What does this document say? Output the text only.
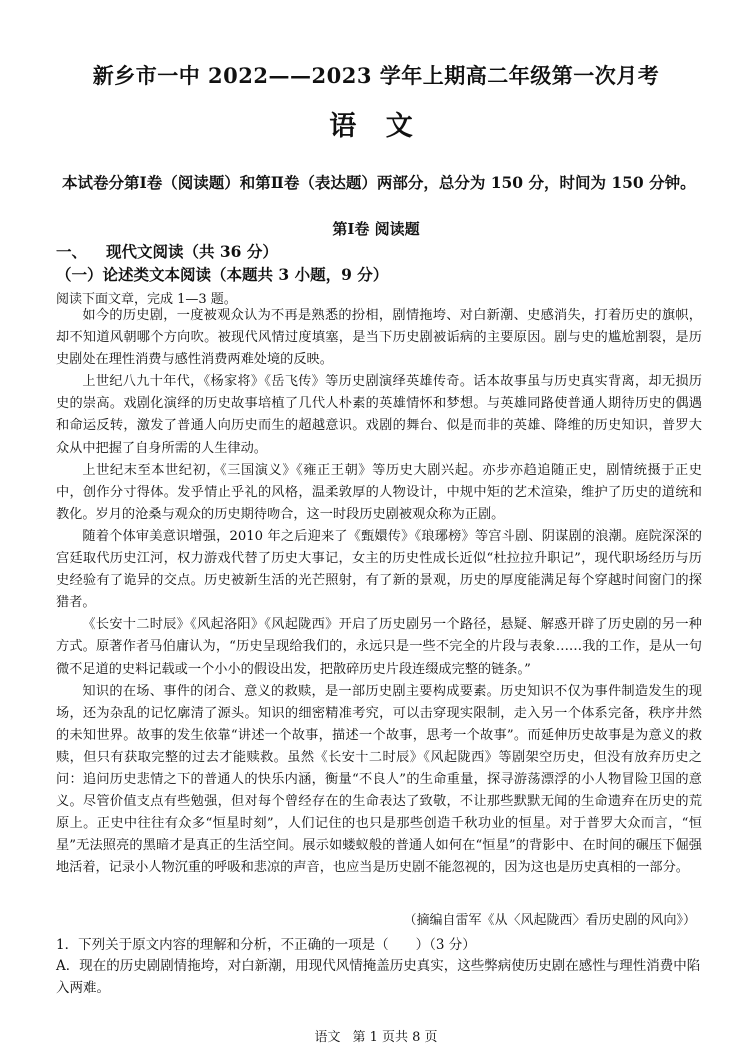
新乡市一中 2022——2023 学年上期高二年级第一次月考
语 文
本试卷分第Ⅰ卷（阅读题）和第Ⅱ卷（表达题）两部分，总分为 150 分，时间为 150 分钟。
第Ⅰ卷 阅读题
一、 现代文阅读（共 36 分）
（一）论述类文本阅读（本题共 3 小题，9 分）
阅读下面文章，完成 1—3 题。

如今的历史剧，一度被观众认为不再是熟悉的扮相，剧情拖垮、对白新潮、史感消失，打着历史的旗帜，却不知道风朝哪个方向吹。被现代风情过度填塞，是当下历史剧被诟病的主要原因。剧与史的尴尬割裂，是历史剧处在理性消费与感性消费两难处境的反映。

上世纪八九十年代，《杨家将》《岳飞传》等历史剧演绎英雄传奇。话本故事虽与历史真实背离，却无损历史的崇高。戏剧化演绎的历史故事培植了几代人朴素的英雄情怀和梦想。与英雄同路使普通人期待历史的偶遇和命运反转，激发了普通人向历史而生的超越意识。戏剧的舞台、似是而非的英雄、降维的历史知识，普罗大众从中把握了自身所需的人生律动。

上世纪末至本世纪初，《三国演义》《雍正王朝》等历史大剧兴起。亦步亦趋追随正史，剧情统摄于正史中，创作分寸得体。发乎情止乎礼的风格，温柔敦厚的人物设计，中规中矩的艺术渲染，维护了历史的道统和教化。岁月的沧桑与观众的历史期待吻合，这一时段历史剧被观众称为正剧。

随着个体审美意识增强，2010 年之后迎来了《甄嬛传》《琅琊榜》等宫斗剧、阴谋剧的浪潮。庭院深深的宫廷取代历史江河，权力游戏代替了历史大事记，女主的历史性成长近似“杜拉拉升职记”，现代职场经历与历史经验有了诡异的交点。历史被新生活的光芒照射，有了新的景观，历史的厚度能满足每个穿越时间窗门的探猎者。

《长安十二时辰》《风起洛阳》《风起陇西》开启了历史剧另一个路径，悬疑、解惑开辟了历史剧的另一种方式。原著作者马伯庸认为，“历史呈现给我们的，永远只是一些不完全的片段与表象……我的工作，是从一句微不足道的史料记载或一个小小的假设出发，把散碎历史片段连缀成完整的链条。”

知识的在场、事件的闭合、意义的救赎，是一部历史剧主要构成要素。历史知识不仅为事件制造发生的现场，还为杂乱的记忆廓清了源头。知识的细密精准考究，可以击穿现实限制，走入另一个体系完备，秩序井然的未知世界。故事的发生依靠“讲述一个故事，描述一个故事，思考一个故事”。而延伸历史故事是为意义的救赎，但只有获取完整的过去才能赎救。虽然《长安十二时辰》《风起陇西》等剧架空历史，但没有放弃历史之问：追问历史悲情之下的普通人的快乐内涵，衡量“不良人”的生命重量，探寻游荡漂浮的小人物冒险卫国的意义。尽管价值支点有些勉强，但对每个曾经存在的生命表达了致敬，不让那些默默无闻的生命遗弃在历史的荒原上。正史中往往有众多“恒星时刻”，人们记住的也只是那些创造千秋功业的恒星。对于普罗大众而言，“恒星”无法照亮的黑暗才是真正的生活空间。展示如蝼蚁般的普通人如何在“恒星”的背影中、在时间的碾压下倔强地活着，记录小人物沉重的呼吸和悲凉的声音，也应当是历史剧不能忽视的，因为这也是历史真相的一部分。

（摘编自雷军《从〈风起陇西〉看历史剧的风向》）
1．下列关于原文内容的理解和分析，不正确的一项是（　　）（3 分）
A．现在的历史剧剧情拖垮，对白新潮，用现代风情掩盖历史真实，这些弊病使历史剧在感性与理性消费中陷入两难。
语文 第 1 页共 8 页
